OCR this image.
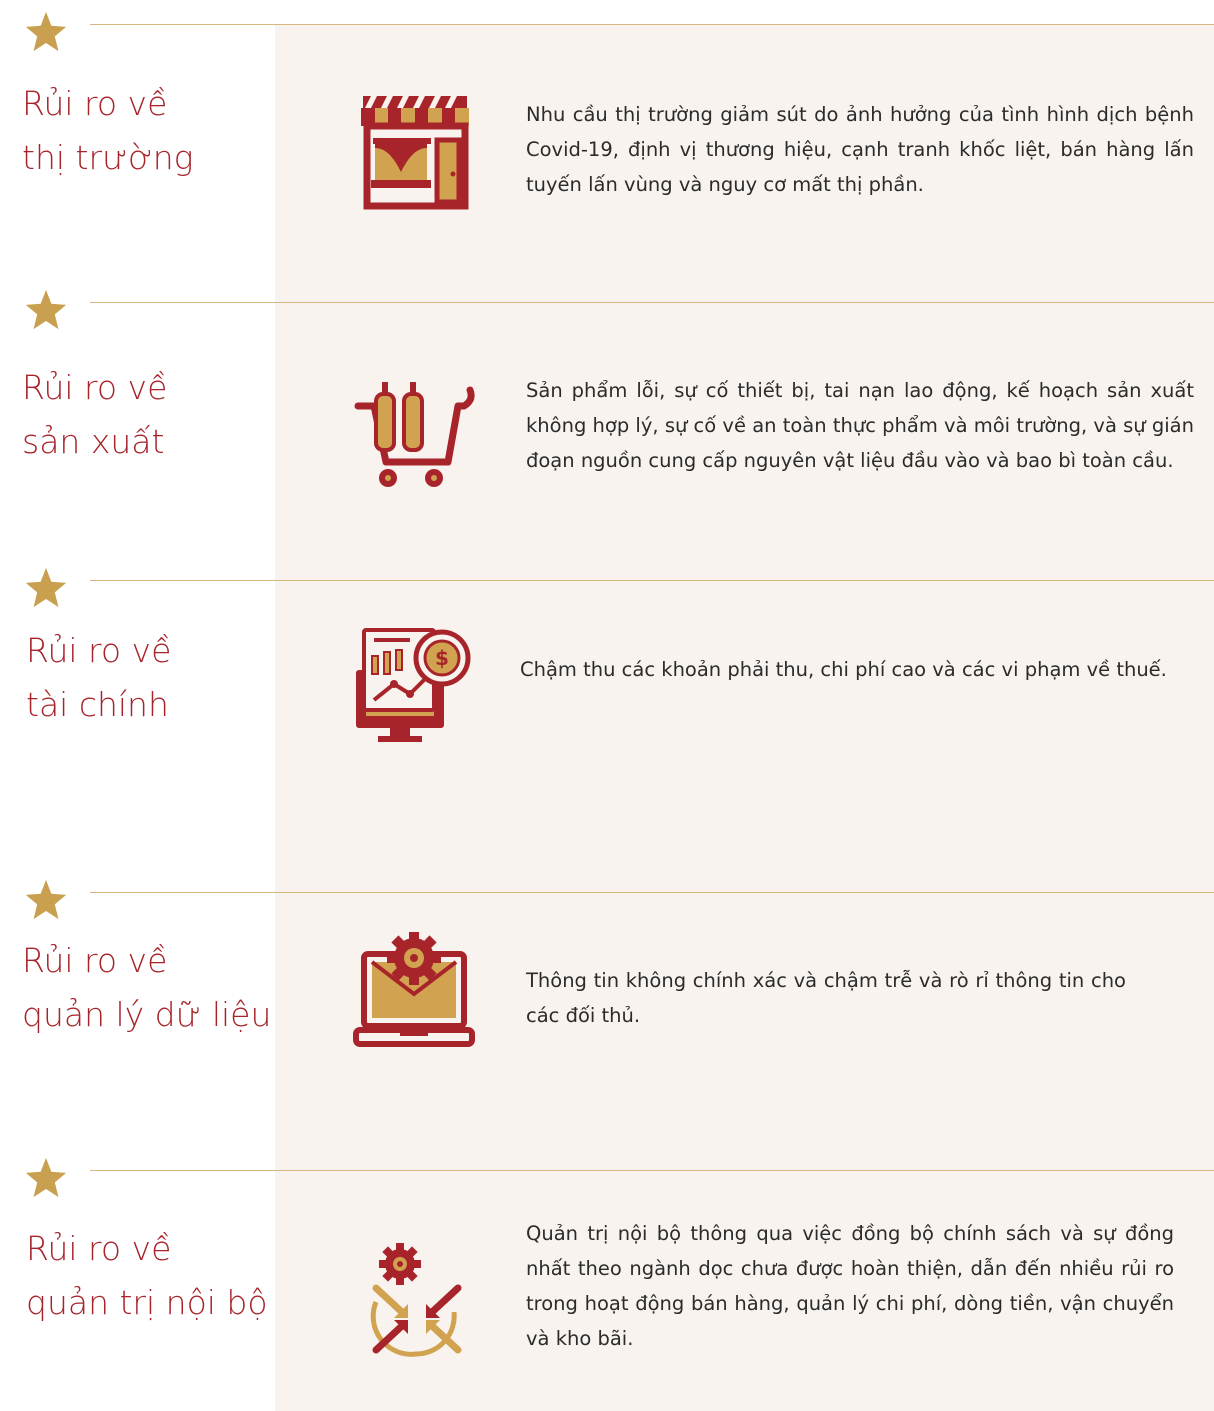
Rủi ro về
thị trường
Nhu cầu thị trường giảm sút do ảnh hưởng của tình hình dịch bệnh Covid-19, định vị thương hiệu, cạnh tranh khốc liệt, bán hàng lấn tuyến lấn vùng và nguy cơ mất thị phần.
Rủi ro về
sản xuất
Sản phẩm lỗi, sự cố thiết bị, tai nạn lao động, kế hoạch sản xuất không hợp lý, sự cố về an toàn thực phẩm và môi trường, và sự gián đoạn nguồn cung cấp nguyên vật liệu đầu vào và bao bì toàn cầu.
Rủi ro về
tài chính
$	Chậm thu các khoản phải thu, chi phí cao và các vi phạm về thuế.
Rủi ro về
quản lý dữ liệu
Thông tin không chính xác và chậm trễ và rò rỉ thông tin cho các đối thủ.
Rủi ro về
quản trị nội bộ
Quản trị nội bộ thông qua việc đồng bộ chính sách và sự đồng nhất theo ngành dọc chưa được hoàn thiện, dẫn đến nhiều rủi ro trong hoạt động bán hàng, quản lý chi phí, dòng tiền, vận chuyển và kho bãi.
